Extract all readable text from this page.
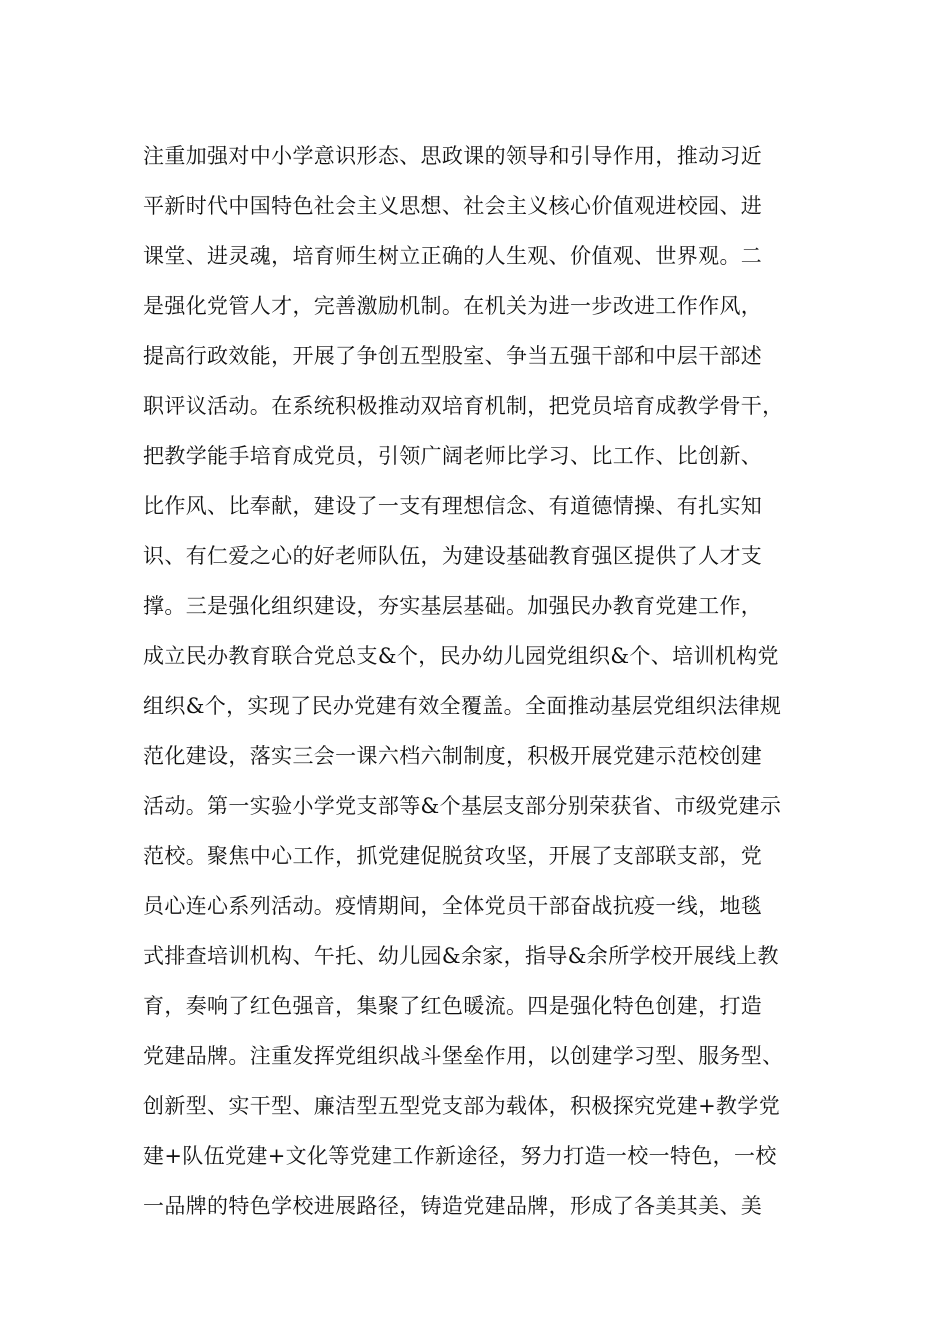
注重加强对中小学意识形态、思政课的领导和引导作用，推动习近
平新时代中国特色社会主义思想、社会主义核心价值观进校园、进
课堂、进灵魂，培育师生树立正确的人生观、价值观、世界观。二
是强化党管人才，完善激励机制。在机关为进一步改进工作作风，
提高行政效能，开展了争创五型股室、争当五强干部和中层干部述
职评议活动。在系统积极推动双培育机制，把党员培育成教学骨干，
把教学能手培育成党员，引领广阔老师比学习、比工作、比创新、
比作风、比奉献，建设了一支有理想信念、有道德情操、有扎实知
识、有仁爱之心的好老师队伍，为建设基础教育强区提供了人才支
撑。三是强化组织建设，夯实基层基础。加强民办教育党建工作，
成立民办教育联合党总支&个，民办幼儿园党组织&个、培训机构党
组织&个，实现了民办党建有效全覆盖。全面推动基层党组织法律规
范化建设，落实三会一课六档六制制度，积极开展党建示范校创建
活动。第一实验小学党支部等&个基层支部分别荣获省、市级党建示
范校。聚焦中心工作，抓党建促脱贫攻坚，开展了支部联支部，党
员心连心系列活动。疫情期间，全体党员干部奋战抗疫一线，地毯
式排查培训机构、午托、幼儿园&余家，指导&余所学校开展线上教
育，奏响了红色强音，集聚了红色暖流。四是强化特色创建，打造
党建品牌。注重发挥党组织战斗堡垒作用，以创建学习型、服务型、
创新型、实干型、廉洁型五型党支部为载体，积极探究党建+教学党
建+队伍党建+文化等党建工作新途径，努力打造一校一特色，一校
一品牌的特色学校进展路径，铸造党建品牌，形成了各美其美、美
